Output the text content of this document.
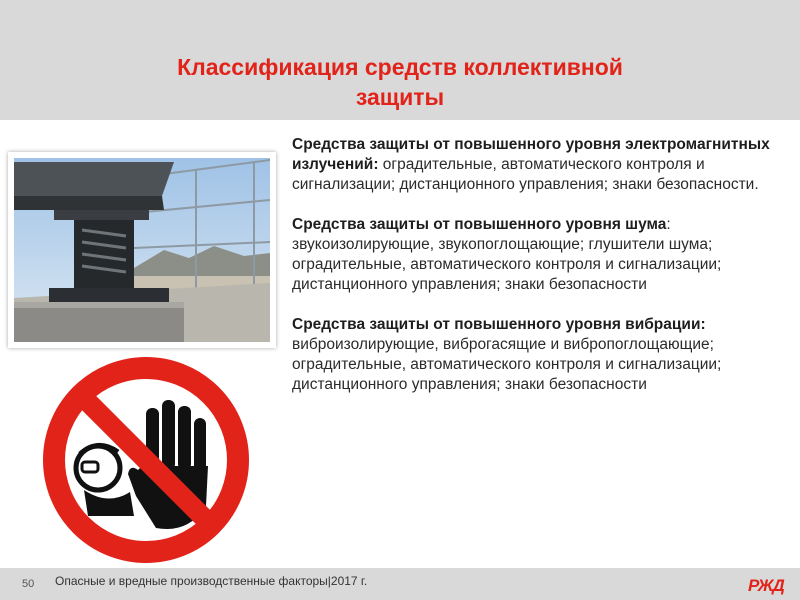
Классификация средств коллективной
защиты
Средства защиты от повышенного уровня электромагнитных излучений: оградительные, автоматического контроля и сигнализации; дистанционного управления; знаки безопасности.
Средства защиты от повышенного уровня шума: звукоизолирующие, звукопоглощающие; глушители шума; оградительные, автоматического контроля и сигнализации; дистанционного управления; знаки безопасности
Средства защиты от повышенного уровня вибрации: виброизолирующие, виброгасящие и вибропоглощающие; оградительные, автоматического контроля и сигнализации; дистанционного управления; знаки безопасности
50 Опасные и вредные производственные факторы|2017 г.	РЖД
